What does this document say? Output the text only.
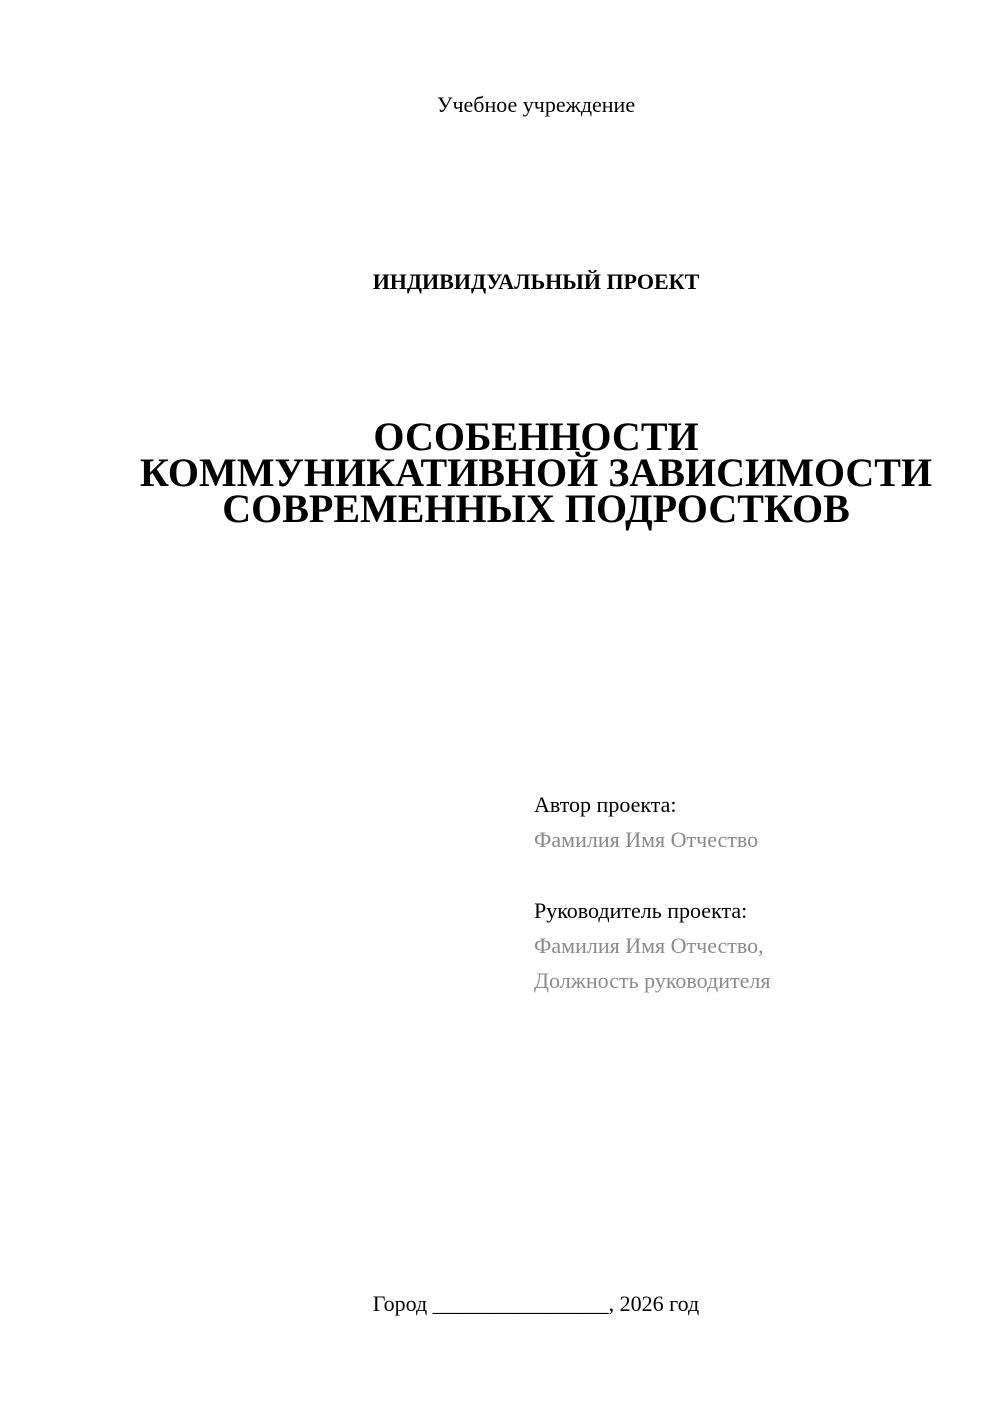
Учебное учреждение
ИНДИВИДУАЛЬНЫЙ ПРОЕКТ
ОСОБЕННОСТИ
КОММУНИКАТИВНОЙ ЗАВИСИМОСТИ
СОВРЕМЕННЫХ ПОДРОСТКОВ
Автор проекта:
Фамилия Имя Отчество
Руководитель проекта:
Фамилия Имя Отчество,
Должность руководителя
Город ________________, 2026 год
